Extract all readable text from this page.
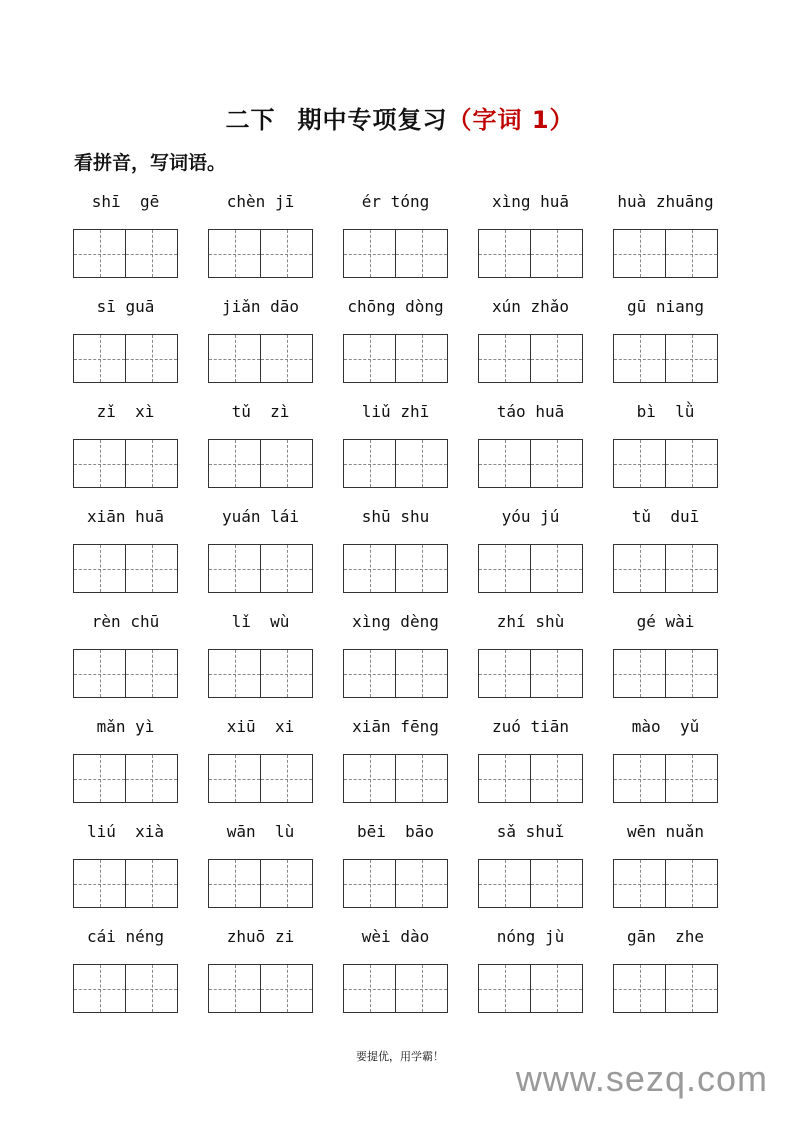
二下 期中专项复习（字词 1）
看拼音，写词语。
shī  gē	chèn jī	ér tóng	xìng huā	huà zhuāng
sī guā	jiǎn dāo	chōng dòng	xún zhǎo	gū niang
zǐ  xì	tǔ  zì	liǔ zhī	táo huā	bì  lǜ
xiān huā	yuán lái	shū shu	yóu jú	tǔ  duī
rèn chū	lǐ  wù	xìng dèng	zhí shù	gé wài
mǎn yì	xiū  xi	xiān fēng	zuó tiān	mào  yǔ
liú  xià	wān  lù	bēi  bāo	sǎ shuǐ	wēn nuǎn
cái néng	zhuō zi	wèi dào	nóng jù	gān  zhe
要提优，用学霸！
www.sezq.com
